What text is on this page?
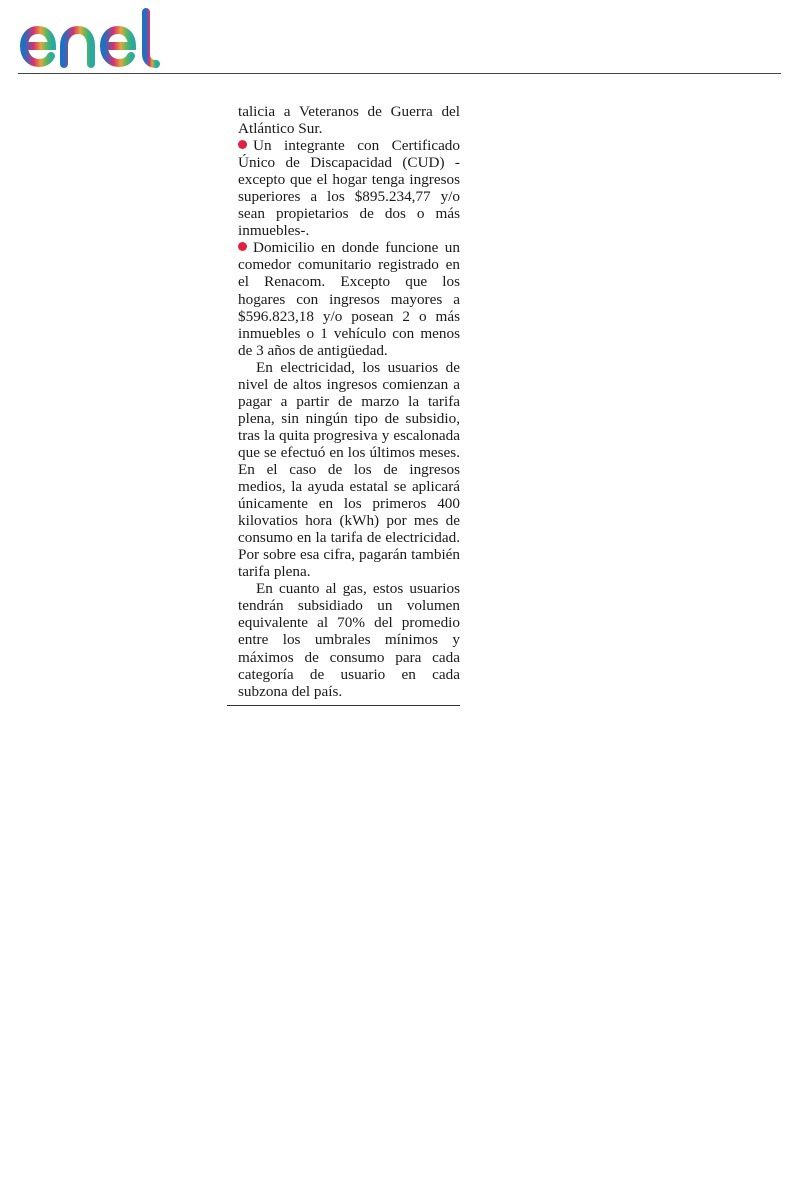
talicia a Veteranos de Guerra del Atlántico Sur.

Un integrante con Certificado Único de Discapacidad (CUD) -excepto que el hogar tenga ingresos superiores a los $895.234,77 y/o sean propietarios de dos o más inmuebles-.

Domicilio en donde funcione un comedor comunitario registrado en el Renacom. Excepto que los hogares con ingresos mayores a $596.823,18 y/o posean 2 o más inmuebles o 1 vehículo con menos de 3 años de antigüedad.

En electricidad, los usuarios de nivel de altos ingresos comienzan a pagar a partir de marzo la tarifa plena, sin ningún tipo de subsidio, tras la quita progresiva y escalonada que se efectuó en los últimos meses. En el caso de los de ingresos medios, la ayuda estatal se aplicará únicamente en los primeros 400 kilovatios hora (kWh) por mes de consumo en la tarifa de electricidad. Por sobre esa cifra, pagarán también tarifa plena.

En cuanto al gas, estos usuarios tendrán subsidiado un volumen equivalente al 70% del promedio entre los umbrales mínimos y máximos de consumo para cada categoría de usuario en cada subzona del país.
